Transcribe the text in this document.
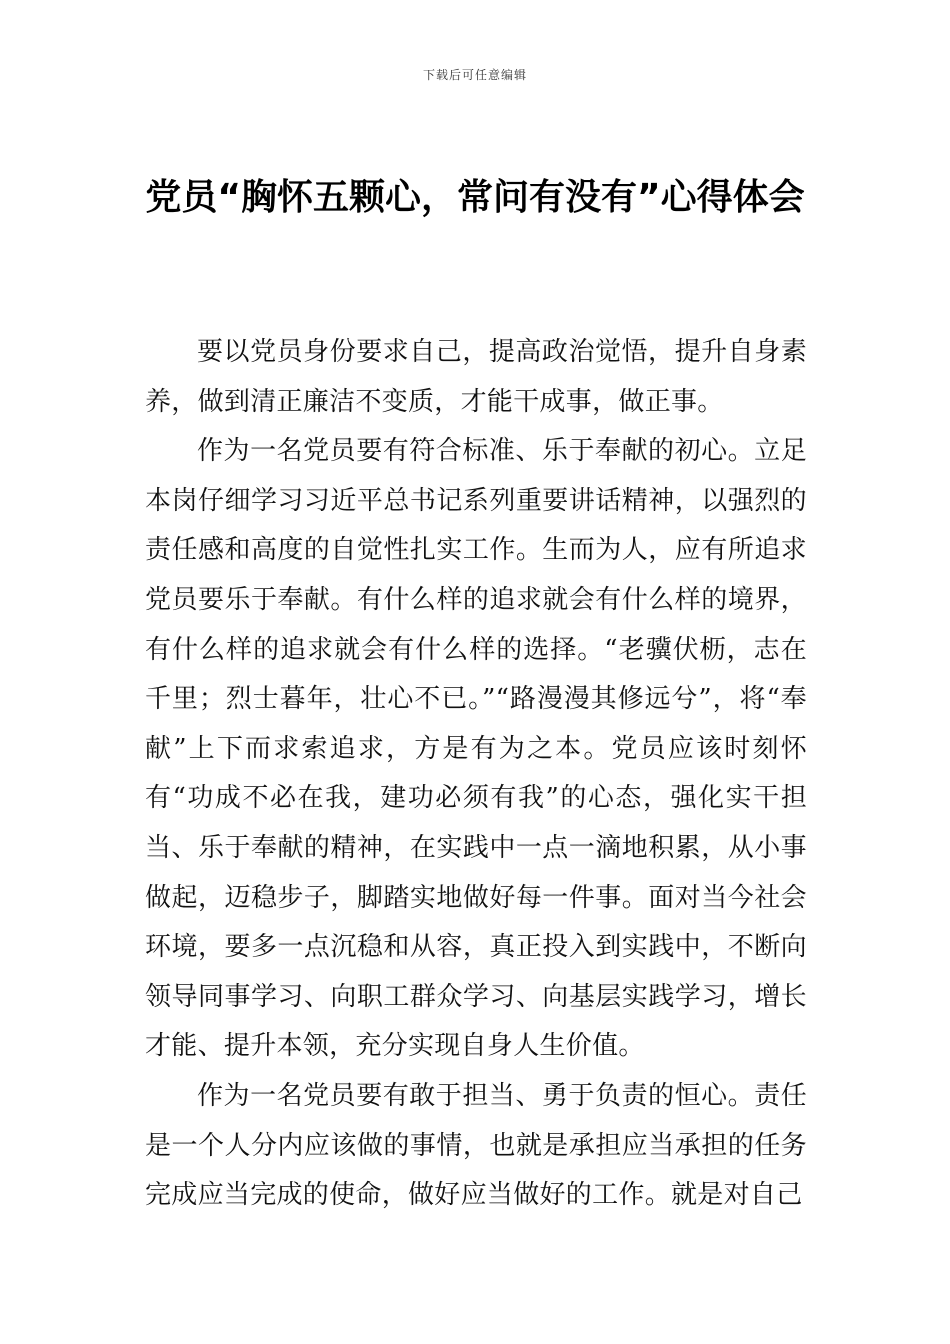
下载后可任意编辑
党员“胸怀五颗心，常问有没有”心得体会

要以党员身份要求自己，提高政治觉悟，提升自身素养，做到清正廉洁不变质，才能干成事，做正事。

作为一名党员要有符合标准、乐于奉献的初心。立足本岗仔细学习习近平总书记系列重要讲话精神，以强烈的责任感和高度的自觉性扎实工作。生而为人，应有所追求党员要乐于奉献。有什么样的追求就会有什么样的境界，有什么样的追求就会有什么样的选择。“老骥伏枥，志在千里；烈士暮年，壮心不已。”“路漫漫其修远兮”，将“奉献”上下而求索追求，方是有为之本。党员应该时刻怀有“功成不必在我，建功必须有我”的心态，强化实干担当、乐于奉献的精神，在实践中一点一滴地积累，从小事做起，迈稳步子，脚踏实地做好每一件事。面对当今社会环境，要多一点沉稳和从容，真正投入到实践中，不断向领导同事学习、向职工群众学习、向基层实践学习，增长才能、提升本领，充分实现自身人生价值。

作为一名党员要有敢于担当、勇于负责的恒心。责任是一个人分内应该做的事情，也就是承担应当承担的任务完成应当完成的使命，做好应当做好的工作。就是对自己
